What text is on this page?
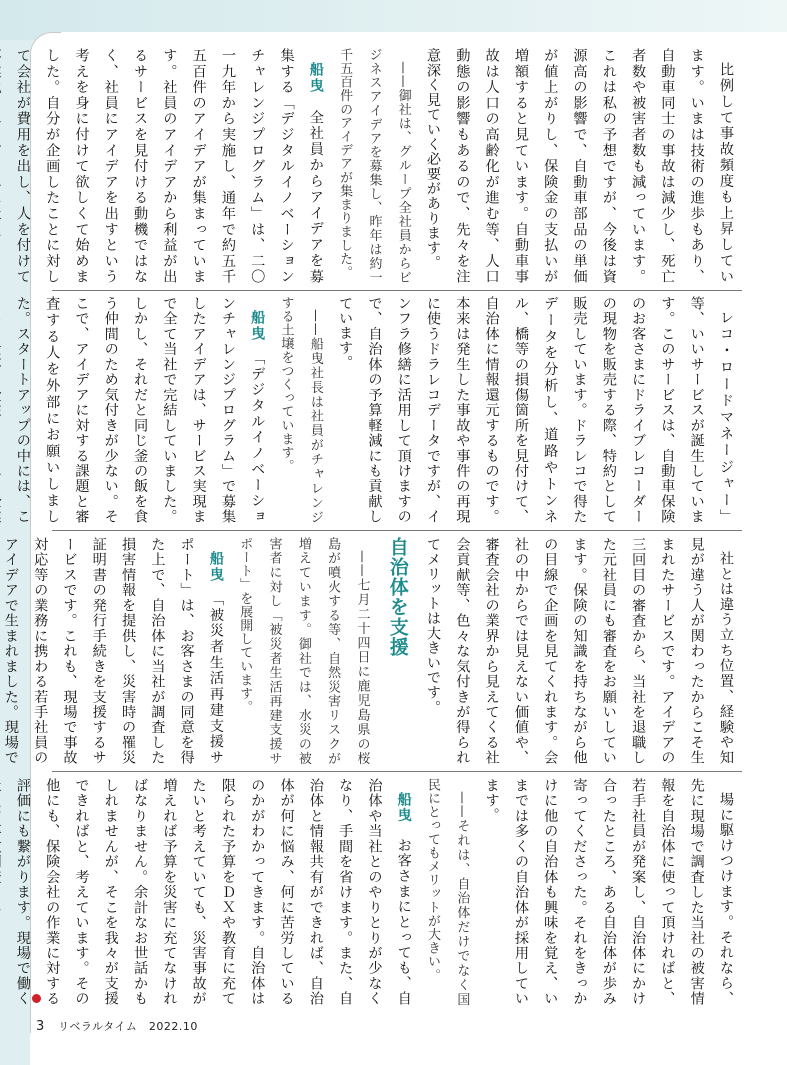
比例して事故頻度も上昇しています。いまは技術の進歩もあり、自動車同士の事故は減少し、死亡者数や被害者数も減っています。これは私の予想ですが、今後は資源高の影響で、自動車部品の単価が値上がりし、保険金の支払いが増額すると見ています。自動車事故は人口の高齢化が進む等、人口動態の影響もあるので、先々を注意深く見ていく必要があります。

——御社は、グループ全社員からビジネスアイデアを募集し、昨年は約一千五百件のアイデアが集まりました。

船曳　全社員からアイデアを募集する「デジタルイノベーションチャレンジプログラム」は、二〇一九年から実施し、通年で約五千五百件のアイデアが集まっています。社員のアイデアから利益が出るサービスを見付ける動機ではなく、社員にアイデアを出すという考えを身に付けて欲しくて始めました。自分が企画したことに対して会社が費用を出し、人を付けて

レコ・ロードマネージャー」等、いいサービスが誕生しています。このサービスは、自動車保険のお客さまにドライブレコーダーの現物を販売する際、特約として販売しています。ドラレコで得たデータを分析し、道路やトンネル、橋等の損傷箇所を見付けて、自治体に情報還元するものです。本来は発生した事故や事件の再現に使うドラレコデータですが、インフラ修繕に活用して頂けますので、自治体の予算軽減にも貢献しています。

——船曳社長は社員がチャレンジする土壌をつくっています。

船曳　「デジタルイノベーションチャレンジプログラム」で募集したアイデアは、サービス実現まで全て当社で完結していました。しかし、それだと同じ釜の飯を食う仲間のため気付きが少ない。そこで、アイデアに対する課題と審査する人を外部にお願いしました。スタートアップの中には、こ

社とは違う立ち位置、経験や知見が違う人が関わったからこそ生まれたサービスです。アイデアの三回目の審査から、当社を退職した元社員にも審査をお願いしています。保険の知識を持ちながら他の目線で企画を見てくれます。会社の中からでは見えない価値や、審査会社の業界から見えてくる社会貢献等、色々な気付きが得られてメリットは大きいです。

自治体を支援

——七月二十四日に鹿児島県の桜島が噴火する等、自然災害リスクが増えています。御社では、水災の被害者に対し「被災者生活再建支援サポート」を展開しています。

船曳　「被災者生活再建支援サポート」は、お客さまの同意を得た上で、自治体に当社が調査した損害情報を提供し、災害時の罹災証明書の発行手続きを支援するサービスです。これも、現場で事故対応等の業務に携わる若手社員のアイデアで生まれました。現場で

場に駆けつけます。それなら、先に現場で調査した当社の被害情報を自治体に使って頂ければと、若手社員が発案し、自治体にかけ合ったところ、ある自治体が歩み寄ってくださった。それをきっかけに他の自治体も興味を覚え、いまでは多くの自治体が採用しています。

——それは、自治体だけでなく国民にとってもメリットが大きい。

船曳　お客さまにとっても、自治体や当社とのやりとりが少なくなり、手間を省けます。また、自治体と情報共有ができれば、自治体が何に悩み、何に苦労しているのかがわかってきます。自治体は限られた予算をＤＸや教育に充てたいと考えていても、災害事故が増えれば予算を災害に充てなければなりません。余計なお世話かもしれませんが、そこを我々が支援できればと、考えています。その他にも、保険会社の作業に対する評価にも繋がります。現場で働く

3 リベラルタイム　2022.10
